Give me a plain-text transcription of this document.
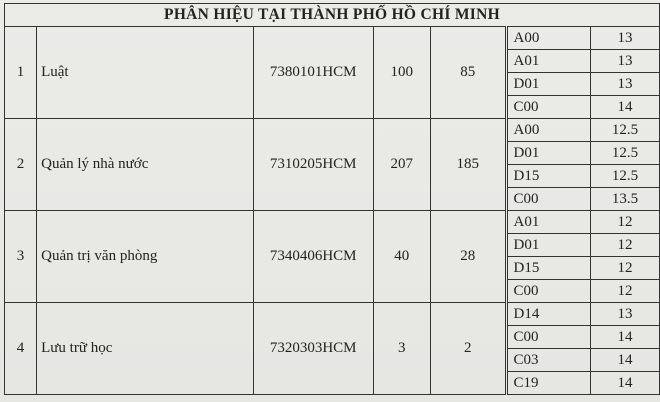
PHÂN HIỆU TẠI THÀNH PHỐ HỒ CHÍ MINH						
1	Luật	7380101HCM	100	85	A00	13
					A01	13
					D01	13
					C00	14
2	Quản lý nhà nước	7310205HCM	207	185	A00	12.5
					D01	12.5
					D15	12.5
					C00	13.5
3	Quản trị văn phòng	7340406HCM	40	28	A01	12
					D01	12
					D15	12
					C00	12
4	Lưu trữ học	7320303HCM	3	2	D14	13
					C00	14
					C03	14
					C19	14
